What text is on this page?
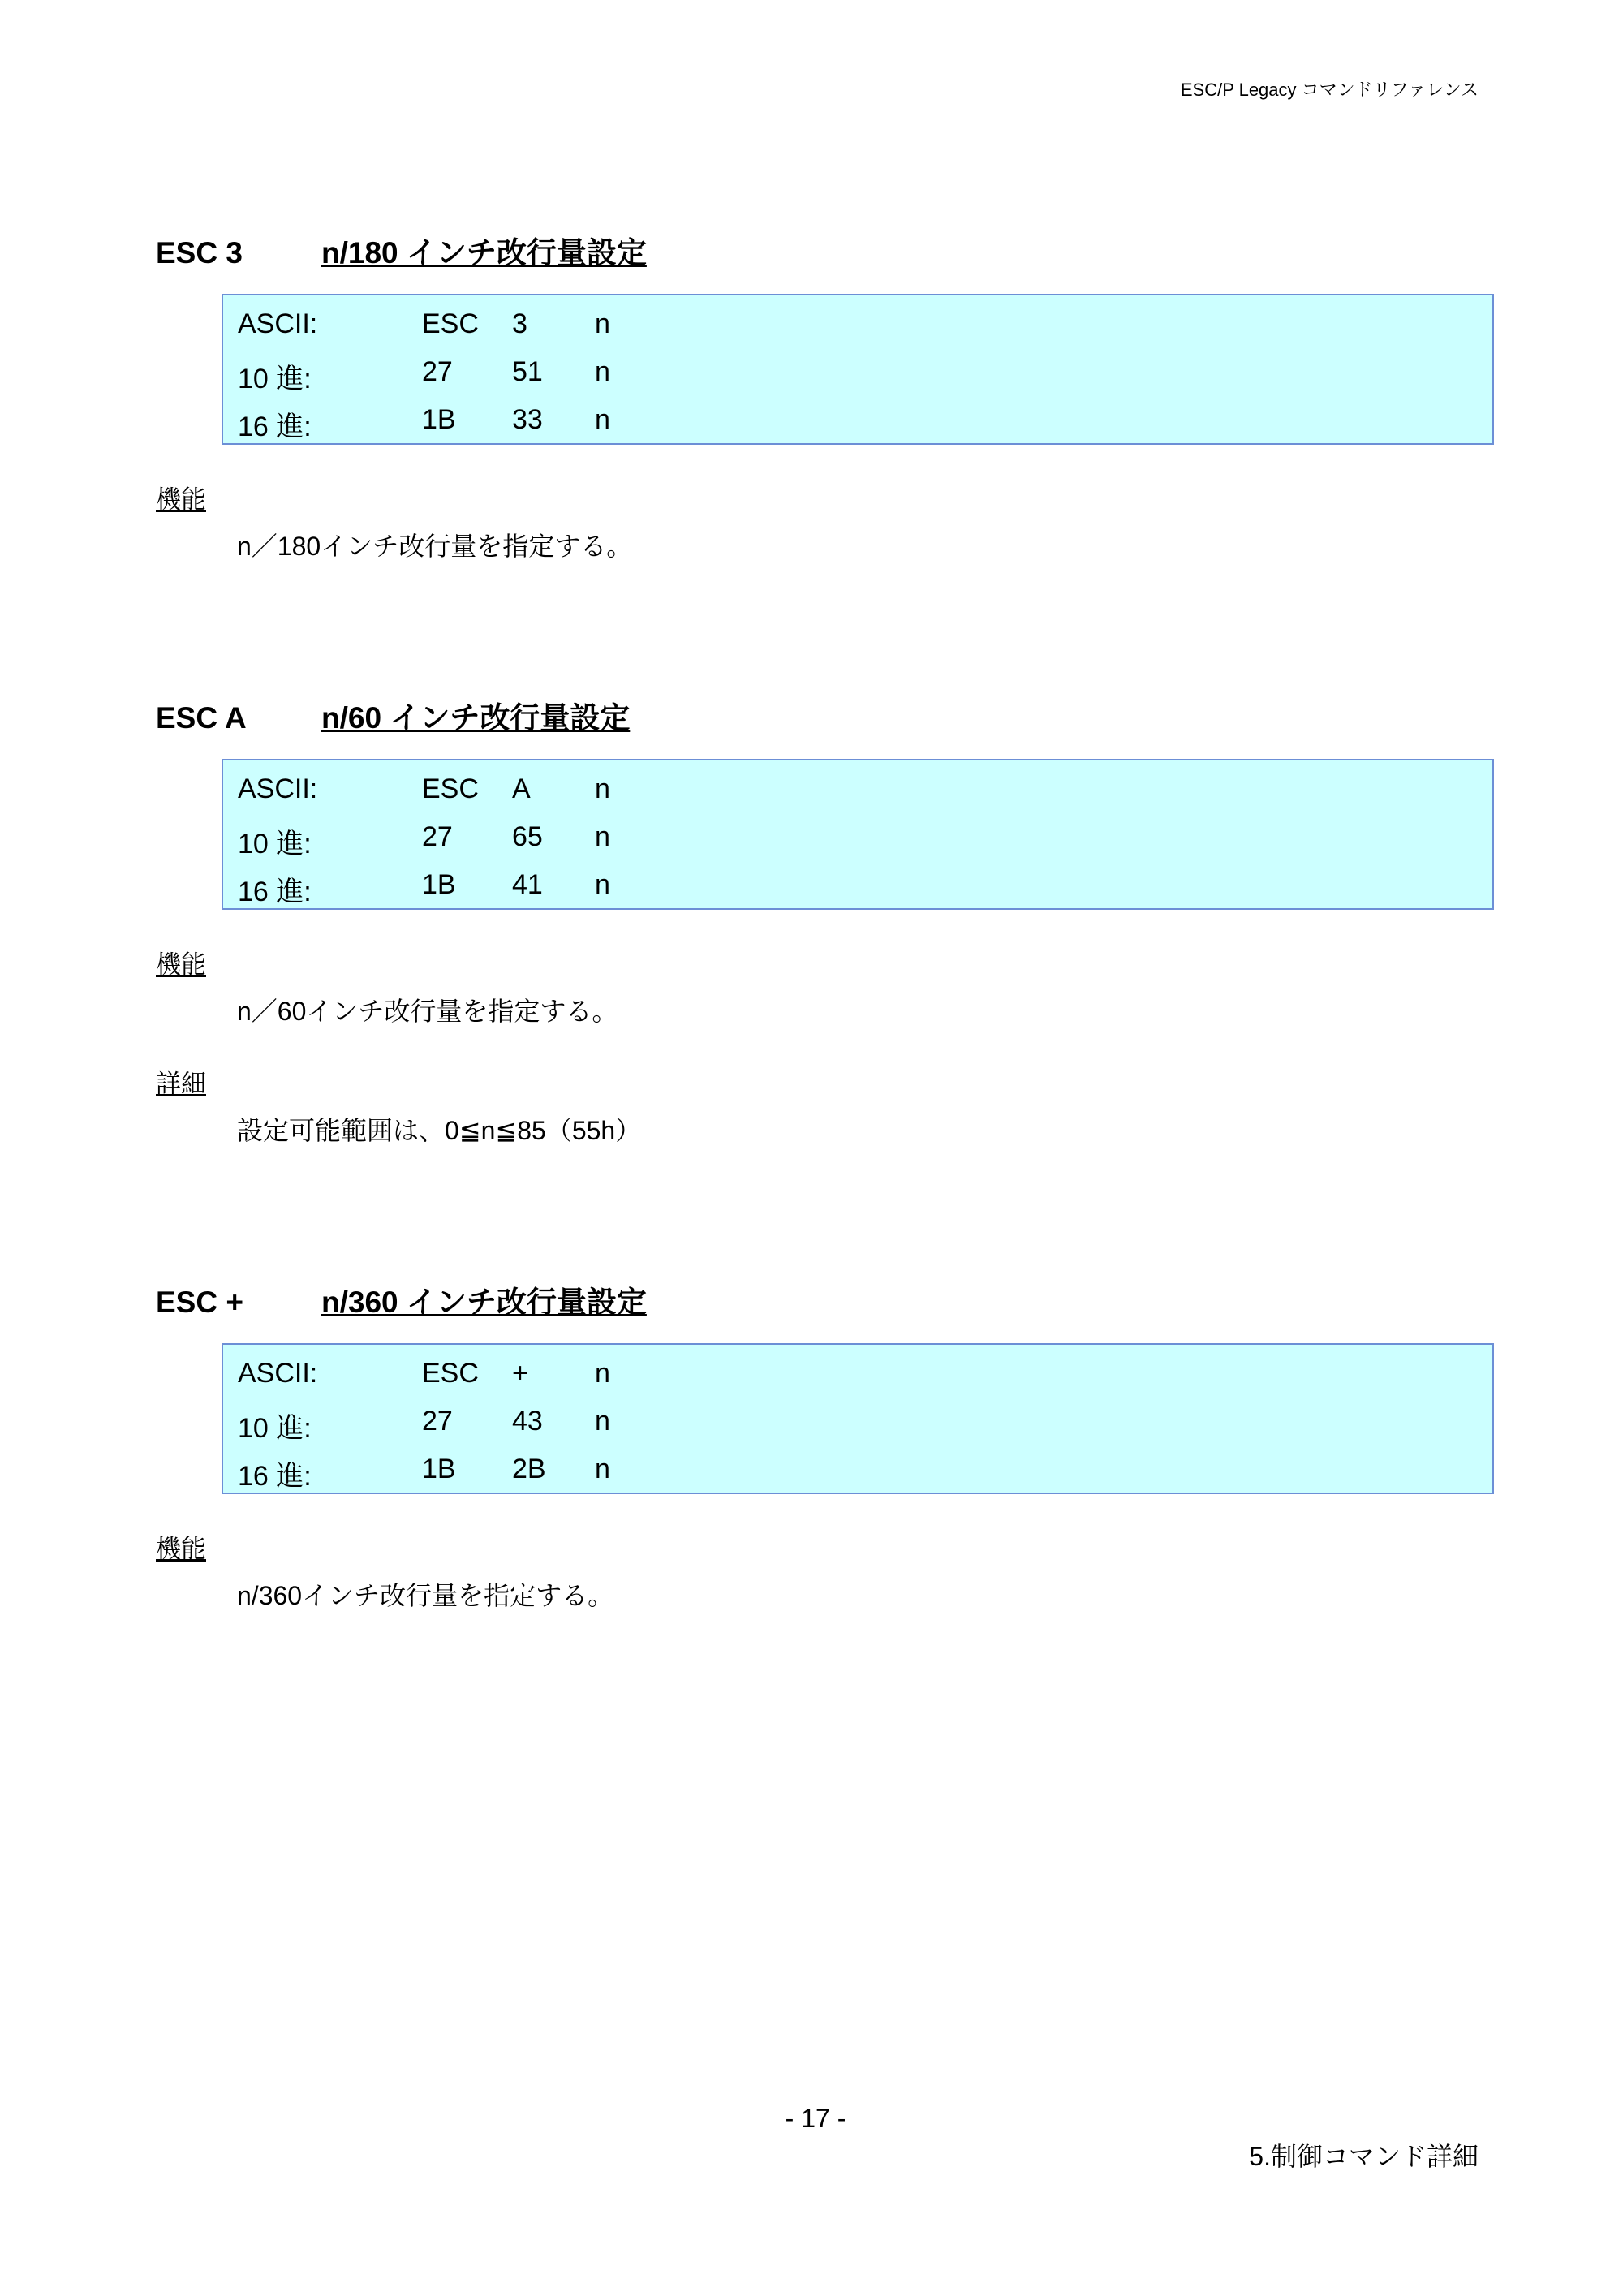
ESC/P Legacy コマンドリファレンス
ESC 3	n/180 インチ改行量設定
ASCII:	ESC 3 n
10 進:	27 51 n
16 進:	1B 33 n
機能
n／180インチ改行量を指定する。
ESC A n/60 インチ改行量設定
ASCII:	ESC A n
10 進:	27 65 n
16 進:	1B 41 n
機能
n／60インチ改行量を指定する。
詳細
設定可能範囲は、0≦n≦85（55h）
ESC +	n/360 インチ改行量設定
ASCII:	ESC + n
10 進:	27 43 n
16 進:	1B 2B n
機能
n/360インチ改行量を指定する。
- 17 -
5.制御コマンド詳細
